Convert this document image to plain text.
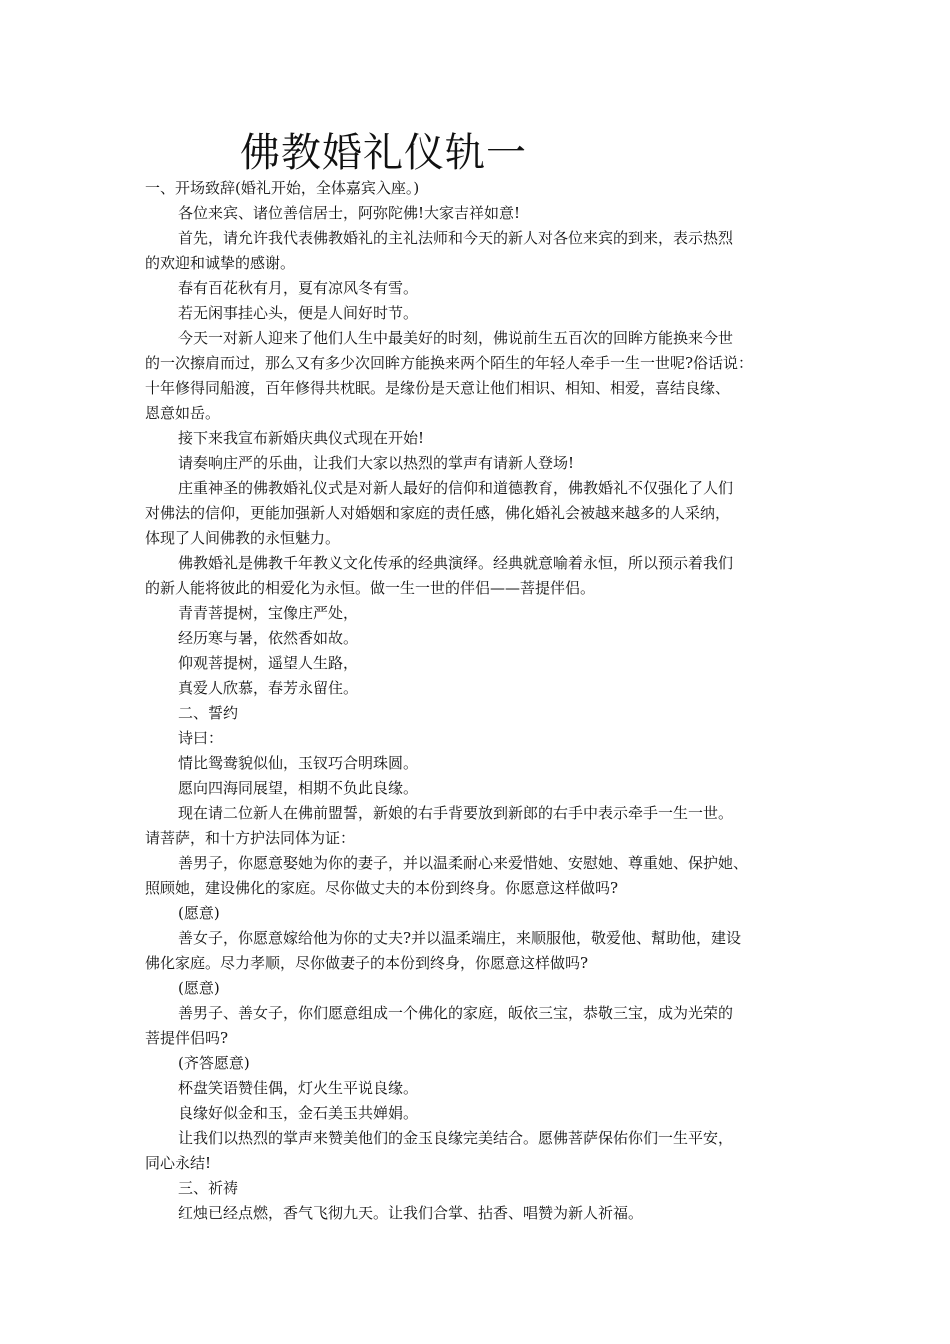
佛教婚礼仪轨一

一、开场致辞(婚礼开始，全体嘉宾入座。)

各位来宾、诸位善信居士，阿弥陀佛!大家吉祥如意!

首先，请允许我代表佛教婚礼的主礼法师和今天的新人对各位来宾的到来，表示热烈

的欢迎和诚挚的感谢。

春有百花秋有月，夏有凉风冬有雪。

若无闲事挂心头，便是人间好时节。

今天一对新人迎来了他们人生中最美好的时刻，佛说前生五百次的回眸方能换来今世

的一次擦肩而过，那么又有多少次回眸方能换来两个陌生的年轻人牵手一生一世呢?俗话说：

十年修得同船渡，百年修得共枕眠。是缘份是天意让他们相识、相知、相爱，喜结良缘、

恩意如岳。

接下来我宣布新婚庆典仪式现在开始!

请奏响庄严的乐曲，让我们大家以热烈的掌声有请新人登场!

庄重神圣的佛教婚礼仪式是对新人最好的信仰和道德教育，佛教婚礼不仅强化了人们

对佛法的信仰，更能加强新人对婚姻和家庭的责任感，佛化婚礼会被越来越多的人采纳，

体现了人间佛教的永恒魅力。

佛教婚礼是佛教千年教义文化传承的经典演绎。经典就意喻着永恒，所以预示着我们

的新人能将彼此的相爱化为永恒。做一生一世的伴侣——菩提伴侣。

青青菩提树，宝像庄严处，

经历寒与暑，依然香如故。

仰观菩提树，遥望人生路，

真爱人欣慕，春芳永留住。

二、誓约

诗曰：

情比鸳鸯貌似仙，玉钗巧合明珠圆。

愿向四海同展望，相期不负此良缘。

现在请二位新人在佛前盟誓，新娘的右手背要放到新郎的右手中表示牵手一生一世。

请菩萨，和十方护法同体为证：

善男子，你愿意娶她为你的妻子，并以温柔耐心来爱惜她、安慰她、尊重她、保护她、

照顾她，建设佛化的家庭。尽你做丈夫的本份到终身。你愿意这样做吗?

(愿意)

善女子，你愿意嫁给他为你的丈夫?并以温柔端庄，来顺服他，敬爱他、幫助他，建设

佛化家庭。尽力孝顺，尽你做妻子的本份到终身，你愿意这样做吗?

(愿意)

善男子、善女子，你们愿意组成一个佛化的家庭，皈依三宝，恭敬三宝，成为光荣的

菩提伴侣吗?

(齐答愿意)

杯盘笑语赞佳偶，灯火生平说良缘。

良缘好似金和玉，金石美玉共婵娟。

让我们以热烈的掌声来赞美他们的金玉良缘完美结合。愿佛菩萨保佑你们一生平安，

同心永结!

三、祈祷

红烛已经点燃，香气飞彻九天。让我们合掌、拈香、唱赞为新人祈福。
